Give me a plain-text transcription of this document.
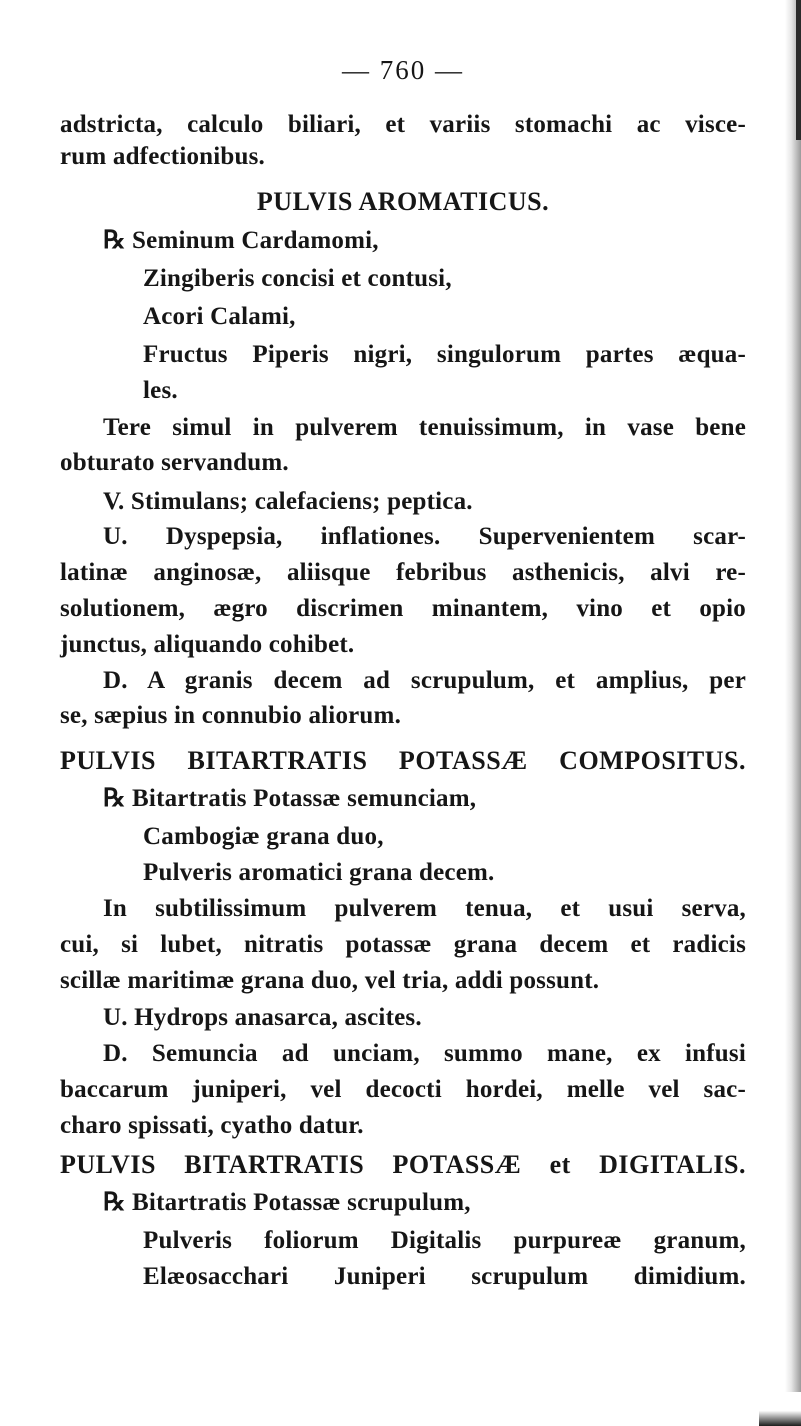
— 760 —
adstricta, calculo biliari, et variis stomachi ac visce-
rum adfectionibus.
PULVIS AROMATICUS.
℞ Seminum Cardamomi,
Zingiberis concisi et contusi,
Acori Calami,
Fructus Piperis nigri, singulorum partes æqua-
les.
Tere simul in pulverem tenuissimum, in vase bene
obturato servandum.
V. Stimulans; calefaciens; peptica.
U. Dyspepsia, inflationes. Supervenientem scar-
latinæ anginosæ, aliisque febribus asthenicis, alvi re-
solutionem, ægro discrimen minantem, vino et opio
junctus, aliquando cohibet.
D. A granis decem ad scrupulum, et amplius, per
se, sæpius in connubio aliorum.
PULVIS BITARTRATIS POTASSÆ COMPOSITUS.
℞ Bitartratis Potassæ semunciam,
Cambogiæ grana duo,
Pulveris aromatici grana decem.
In subtilissimum pulverem tenua, et usui serva,
cui, si lubet, nitratis potassæ grana decem et radicis
scillæ maritimæ grana duo, vel tria, addi possunt.
U. Hydrops anasarca, ascites.
D. Semuncia ad unciam, summo mane, ex infusi
baccarum juniperi, vel decocti hordei, melle vel sac-
charo spissati, cyatho datur.
PULVIS BITARTRATIS POTASSÆ et DIGITALIS.
℞ Bitartratis Potassæ scrupulum,
Pulveris foliorum Digitalis purpureæ granum,
Elæosacchari Juniperi scrupulum dimidium.
